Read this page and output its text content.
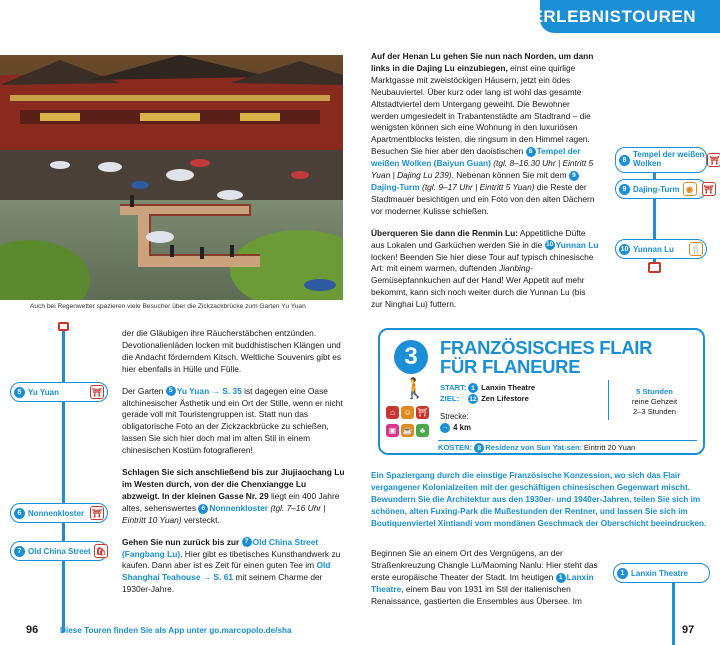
ERLEBNISTOUREN
Auch bei Regenwetter spazieren viele Besucher über die Zickzackbrücke zum Garten Yu Yuan
5 Yu Yuan	⛩
6 Nonnenkloster ⛩
7 Old China Street 🛍

der die Gläubigen ihre Räucherstäbchen entzünden. Devotionalienläden locken mit buddhistischen Klängen und die Andacht förderndem Kitsch. Weltliche Souvenirs gibt es hier ebenfalls in Hülle und Fülle.

Der Garten 5 Yu Yuan → S. 35 ist dagegen eine Oase altchinesischer Ästhetik und ein Ort der Stille, wenn er nicht gerade voll mit Touristengruppen ist. Statt nun das obligatorische Foto an der Zickzackbrücke zu schießen, lassen Sie sich hier doch mal im alten Stil in einem chinesischen Kostüm fotografieren!

Schlagen Sie sich anschließend bis zur Jiujiaochang Lu im Westen durch, von der die Chenxiangge Lu abzweigt. In der kleinen Gasse Nr. 29 liegt ein 400 Jahre altes, sehenswertes 6 Nonnenkloster (tgl. 7–16 Uhr | Eintritt 10 Yuan) versteckt.

Gehen Sie nun zurück bis zur 7 Old China Street (Fangbang Lu). Hier gibt es tibetisches Kunsthandwerk zu kaufen. Dann aber ist es Zeit für einen guten Tee im Old Shanghai Teahouse → S. 61 mit seinem Charme der 1930er-Jahre.

Auf der Henan Lu gehen Sie nun nach Norden, um dann links in die Dajing Lu einzubiegen, einst eine quirlige Marktgasse mit zweistöckigen Häusern, jetzt ein ödes Neubauviertel. Über kurz oder lang ist wohl das gesamte Altstadtviertel dem Untergang geweiht. Die Bewohner werden umgesiedelt in Trabantenstädte am Stadtrand – die wenigsten können sich eine Wohnung in den luxuriösen Apartmentblocks leisten, die ringsum in den Himmel ragen. Besuchen Sie hier aber den daoistischen 8 Tempel der weißen Wolken (Baiyun Guan) (tgl. 8–16.30 Uhr | Eintritt 5 Yuan | Dajing Lu 239). Nebenan können Sie mit dem 9Dajing-Turm (tgl. 9–17 Uhr | Eintritt 5 Yuan) die Reste der Stadtmauer besichtigen und ein Foto von den alten Dächern vor moderner Kulisse schießen.

Überqueren Sie dann die Renmin Lu: Appetitliche Düfte aus Lokalen und Garküchen werden Sie in die 10 Yunnan Lu locken! Beenden Sie hier diese Tour auf typisch chinesische Art: mit einem warmen, duftenden Jianbing-Gemüsepfannkuchen auf der Hand! Wer Appetit auf mehr bekommt, kann sich noch weiter durch die Yunnan Lu (bis zur Ninghai Lu) futtern.

8
Tempel der weißen
Wolken	⛩
9 Dajing-Turm ◉	⛩
10 Yunnan Lu 🍴
3	FRANZÖSISCHES FLAIR FÜR FLANEURE
🚶
⌂ ☺ ⛩ ▣ ☕ ♣
START: 1 Lanxin Theatre
ZIEL: 12 Zen Lifestore
5 Stunden
reine Gehzeit
2–3 Stunden
Strecke:
→ 4 km
KOSTEN: 8 Residenz von Sun Yat-sen: Eintritt 20 Yuan
Ein Spaziergang durch die einstige Französische Konzession, wo sich das Flair vergangener Kolonialzeiten mit der geschäftigen chinesischen Gegenwart mischt. Bewundern Sie die Architektur aus den 1930er- und 1940er-Jahren, teilen Sie sich im schönen, alten Fuxing-Park die Mußestunden der Rentner, und lassen Sie sich im Boutiquenviertel Xintiandi vom mondänen Geschmack der Oberschicht beeindrucken.

Beginnen Sie an einem Ort des Vergnügens, an der Straßenkreuzung Changle Lu/Maoming Nanlu: Hier steht das erste europäische Theater der Stadt. Im heutigen 1 Lanxin Theatre, einem Bau von 1931 im Stil der italienischen Renaissance, gastierten die Ensembles aus Übersee. Im

1 Lanxin Theatre
96	Diese Touren finden Sie als App unter go.marcopolo.de/sha	97
